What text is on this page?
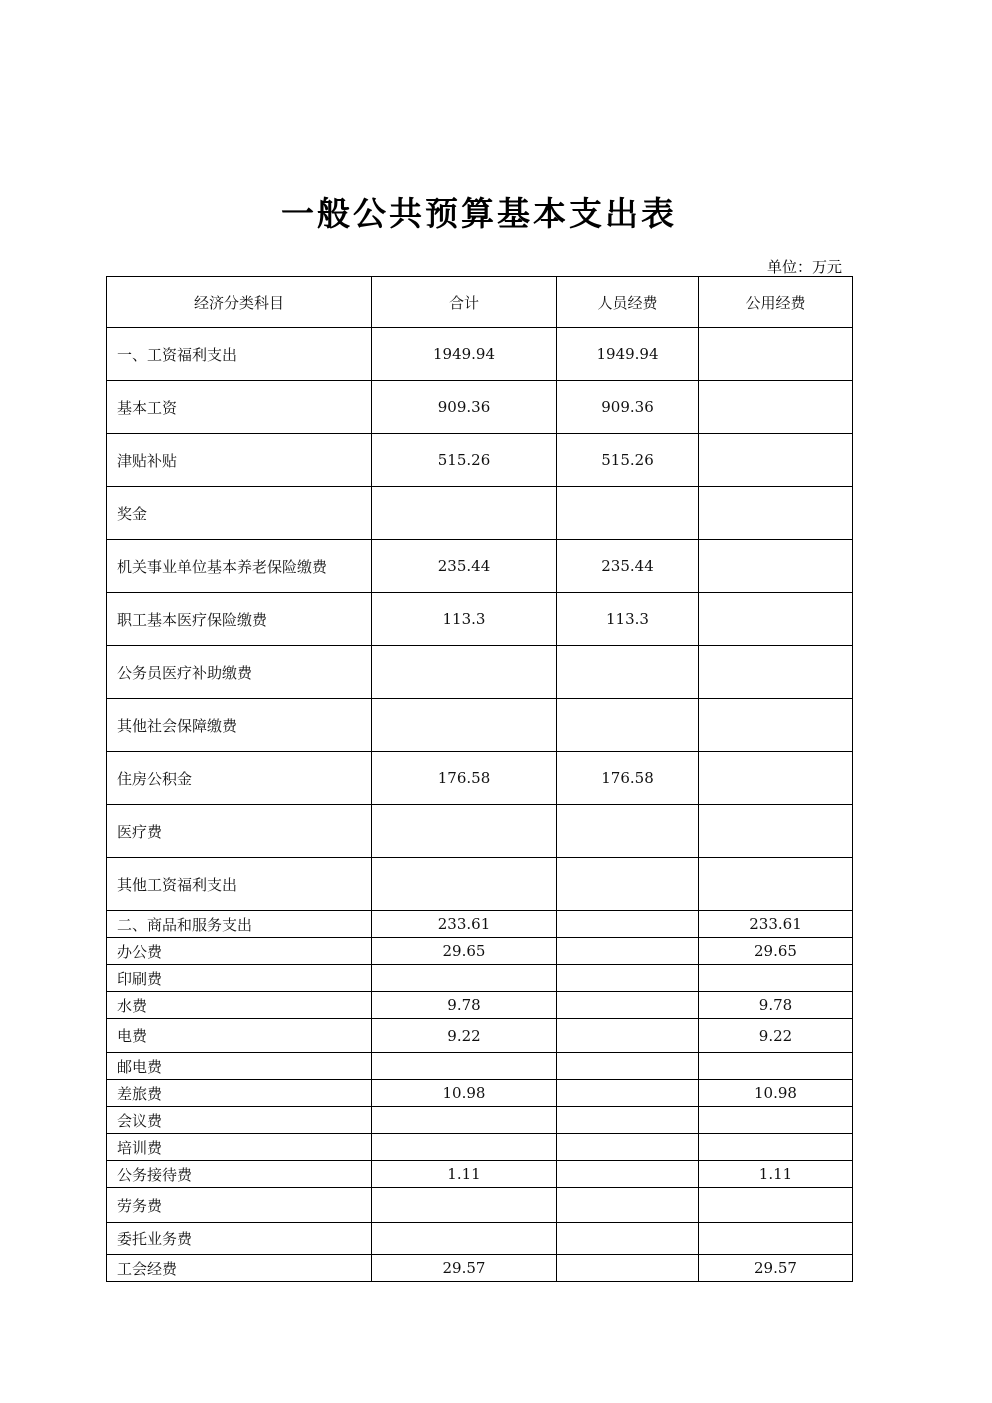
一般公共预算基本支出表
单位：万元
经济分类科目	合计	人员经费	公用经费
一、工资福利支出	1949.94	1949.94	
基本工资	909.36	909.36	
津贴补贴	515.26	515.26	
奖金			
机关事业单位基本养老保险缴费	235.44	235.44	
职工基本医疗保险缴费	113.3	113.3	
公务员医疗补助缴费			
其他社会保障缴费			
住房公积金	176.58	176.58	
医疗费			
其他工资福利支出			
二、商品和服务支出	233.61		233.61
办公费	29.65		29.65
印刷费			
水费	9.78		9.78
电费	9.22		9.22
邮电费			
差旅费	10.98		10.98
会议费			
培训费			
公务接待费	1.11		1.11
劳务费			
委托业务费			
工会经费	29.57		29.57
